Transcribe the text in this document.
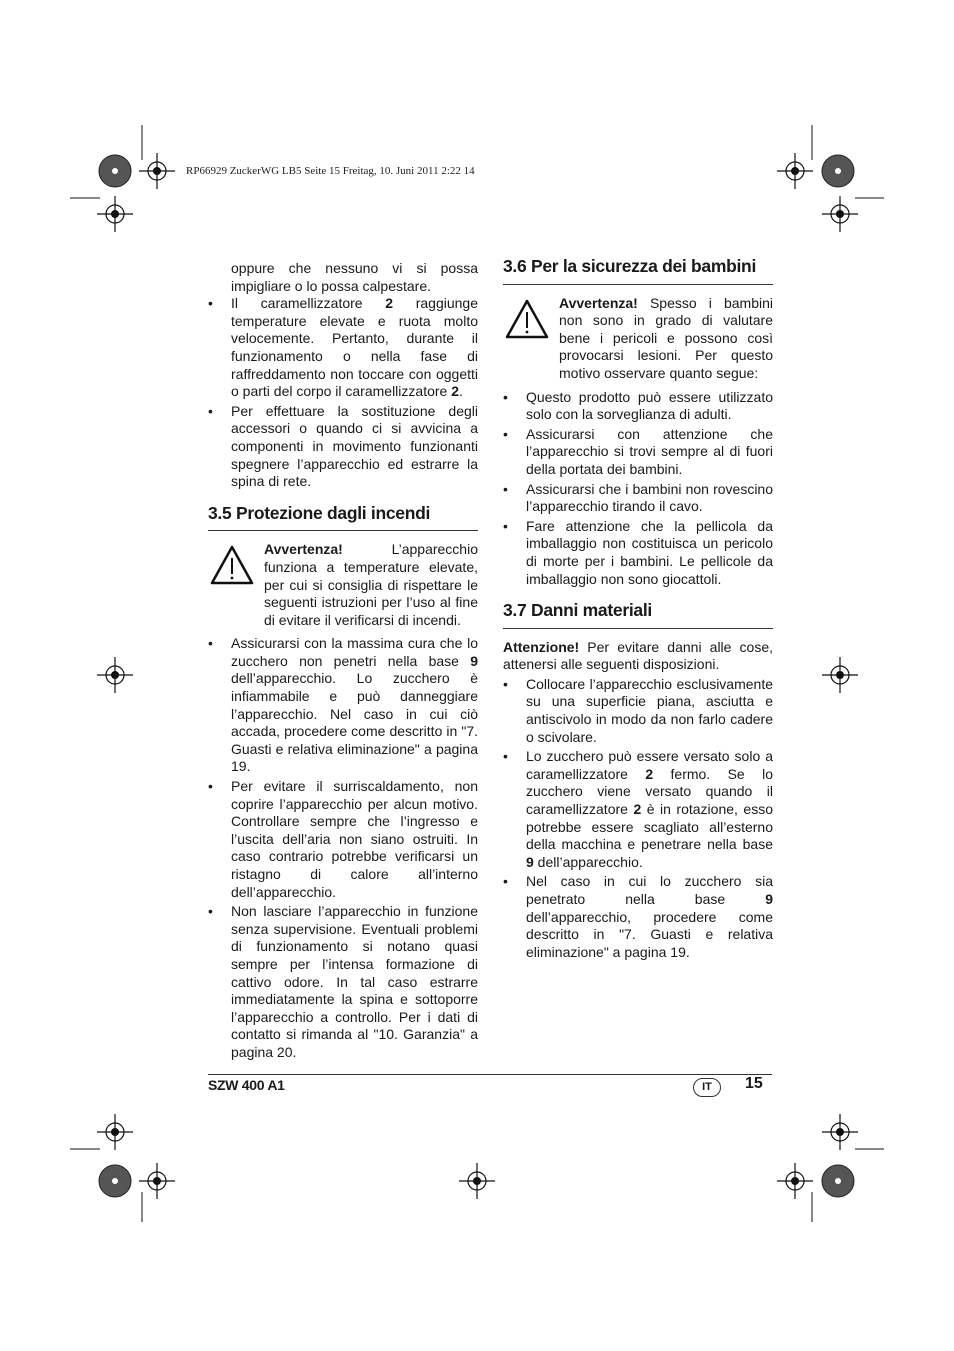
RP66929 ZuckerWG LB5 Seite 15 Freitag, 10. Juni 2011 2:22 14

oppure che nessuno vi si possa impigliare o lo possa calpestare.

• Il caramellizzatore 2 raggiunge temperature elevate e ruota molto velocemente. Pertanto, durante il funzionamento o nella fase di raffreddamento non toccare con oggetti o parti del corpo il caramellizzatore 2.
• Per effettuare la sostituzione degli accessori o quando ci si avvicina a componenti in movimento funzionanti spegnere l’apparecchio ed estrarre la spina di rete.
3.5 Protezione dagli incendi
Avvertenza! L’apparecchio funziona a temperature elevate, per cui si consiglia di rispettare le seguenti istruzioni per l’uso al fine di evitare il verificarsi di incendi.
• Assicurarsi con la massima cura che lo zucchero non penetri nella base 9 dell’apparecchio. Lo zucchero è infiammabile e può danneggiare l’apparecchio. Nel caso in cui ciò accada, procedere come descritto in "7. Guasti e relativa eliminazione" a pagina 19.
• Per evitare il surriscaldamento, non coprire l’apparecchio per alcun motivo. Controllare sempre che l’ingresso e l’uscita dell’aria non siano ostruiti. In caso contrario potrebbe verificarsi un ristagno di calore all’interno dell’apparecchio.
• Non lasciare l’apparecchio in funzione senza supervisione. Eventuali problemi di funzionamento si notano quasi sempre per l’intensa formazione di cattivo odore. In tal caso estrarre immediatamente la spina e sottoporre l’apparecchio a controllo. Per i dati di contatto si rimanda al "10. Garanzia" a pagina 20.
3.6 Per la sicurezza dei bambini
Avvertenza! Spesso i bambini non sono in grado di valutare bene i pericoli e possono così provocarsi lesioni. Per questo motivo osservare quanto segue:
• Questo prodotto può essere utilizzato solo con la sorveglianza di adulti.
• Assicurarsi con attenzione che l’apparecchio si trovi sempre al di fuori della portata dei bambini.
• Assicurarsi che i bambini non rovescino l’apparecchio tirando il cavo.
• Fare attenzione che la pellicola da imballaggio non costituisca un pericolo di morte per i bambini. Le pellicole da imballaggio non sono giocattoli.
3.7 Danni materiali

Attenzione! Per evitare danni alle cose, attenersi alle seguenti disposizioni.

• Collocare l’apparecchio esclusivamente su una superficie piana, asciutta e antiscivolo in modo da non farlo cadere o scivolare.
• Lo zucchero può essere versato solo a caramellizzatore 2 fermo. Se lo zucchero viene versato quando il caramellizzatore 2 è in rotazione, esso potrebbe essere scagliato all’esterno della macchina e penetrare nella base 9 dell’apparecchio.
• Nel caso in cui lo zucchero sia penetrato nella base 9 dell’apparecchio, procedere come descritto in "7. Guasti e relativa eliminazione" a pagina 19.
SZW 400 A1	IT	15
